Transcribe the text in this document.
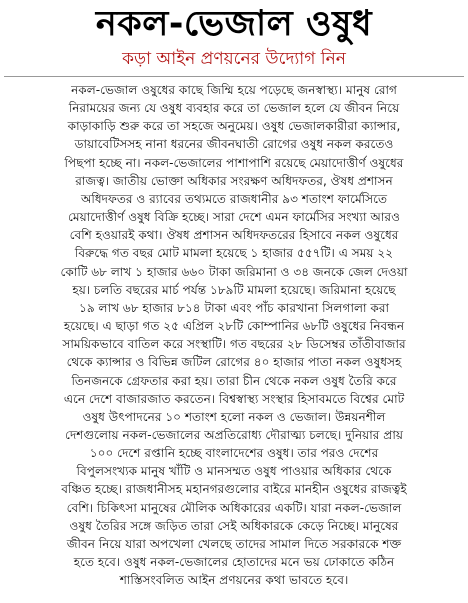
নকল-ভেজাল ওষুধ
কড়া আইন প্রণয়নের উদ্যোগ নিন
নকল-ভেজাল ওষুধের কাছে জিম্মি হয়ে পড়েছে জনস্বাস্থ্য। মানুষ রোগ
নিরাময়ের জন্য যে ওষুধ ব্যবহার করে তা ভেজাল হলে যে জীবন নিয়ে
কাড়াকাড়ি শুরু করে তা সহজে অনুমেয়। ওষুধ ভেজালকারীরা ক্যান্সার,
ডায়াবেটিসসহ নানা ধরনের জীবনঘাতী রোগের ওষুধ নকল করতেও
পিছপা হচ্ছে না। নকল-ভেজালের পাশাপাশি রয়েছে মেয়াদোত্তীর্ণ ওষুধের
রাজত্ব। জাতীয় ভোক্তা অধিকার সংরক্ষণ অধিদফতর, ঔষধ প্রশাসন
অধিদফতর ও র‌্যাবের তথ্যমতে রাজধানীর ৯৩ শতাংশ ফার্মেসিতে
মেয়াদোত্তীর্ণ ওষুধ বিক্রি হচ্ছে। সারা দেশে এমন ফার্মেসির সংখ্যা আরও
বেশি হওয়ারই কথা। ঔষধ প্রশাসন অধিদফতরের হিসাবে নকল ওষুধের
বিরুদ্ধে গত বছর মোট মামলা হয়েছে ১ হাজার ৫৫৭টি। এ সময় ২২
কোটি ৬৮ লাখ ১ হাজার ৬৬০ টাকা জরিমানা ও ৩৪ জনকে জেল দেওয়া
হয়। চলতি বছরের মার্চ পর্যন্ত ১৮৯টি মামলা হয়েছে। জরিমানা হয়েছে
১৯ লাখ ৬৮ হাজার ৮১৪ টাকা এবং পাঁচ কারখানা সিলগালা করা
হয়েছে। এ ছাড়া গত ২৫ এপ্রিল ২৮টি কোম্পানির ৬৮টি ওষুধের নিবন্ধন
সাময়িকভাবে বাতিল করে সংস্থাটি। গত বছরের ২৮ ডিসেম্বর তাঁতীবাজার
থেকে ক্যান্সার ও বিভিন্ন জটিল রোগের ৪০ হাজার পাতা নকল ওষুধসহ
তিনজনকে গ্রেফতার করা হয়। তারা চীন থেকে নকল ওষুধ তৈরি করে
এনে দেশে বাজারজাত করতেন। বিশ্বস্বাস্থ্য সংস্থার হিসাবমতে বিশ্বের মোট
ওষুধ উৎপাদনের ১০ শতাংশ হলো নকল ও ভেজাল। উন্নয়নশীল
দেশগুলোয় নকল-ভেজালের অপ্রতিরোধ্য দৌরাত্ম্য চলছে। দুনিয়ার প্রায়
১০০ দেশে রপ্তানি হচ্ছে বাংলাদেশের ওষুধ। তার পরও দেশের
বিপুলসংখ্যক মানুষ খাঁটি ও মানসম্মত ওষুধ পাওয়ার অধিকার থেকে
বঞ্চিত হচ্ছে। রাজধানীসহ মহানগরগুলোর বাইরে মানহীন ওষুধের রাজত্বই
বেশি। চিকিৎসা মানুষের মৌলিক অধিকারের একটি। যারা নকল-ভেজাল
ওষুধ তৈরির সঙ্গে জড়িত তারা সেই অধিকারকে কেড়ে নিচ্ছে। মানুষের
জীবন নিয়ে যারা অপখেলা খেলছে তাদের সামাল দিতে সরকারকে শক্ত
হতে হবে। ওষুধ নকল-ভেজালের হোতাদের মনে ভয় ঢোকাতে কঠিন
শাস্তিসংবলিত আইন প্রণয়নের কথা ভাবতে হবে।
